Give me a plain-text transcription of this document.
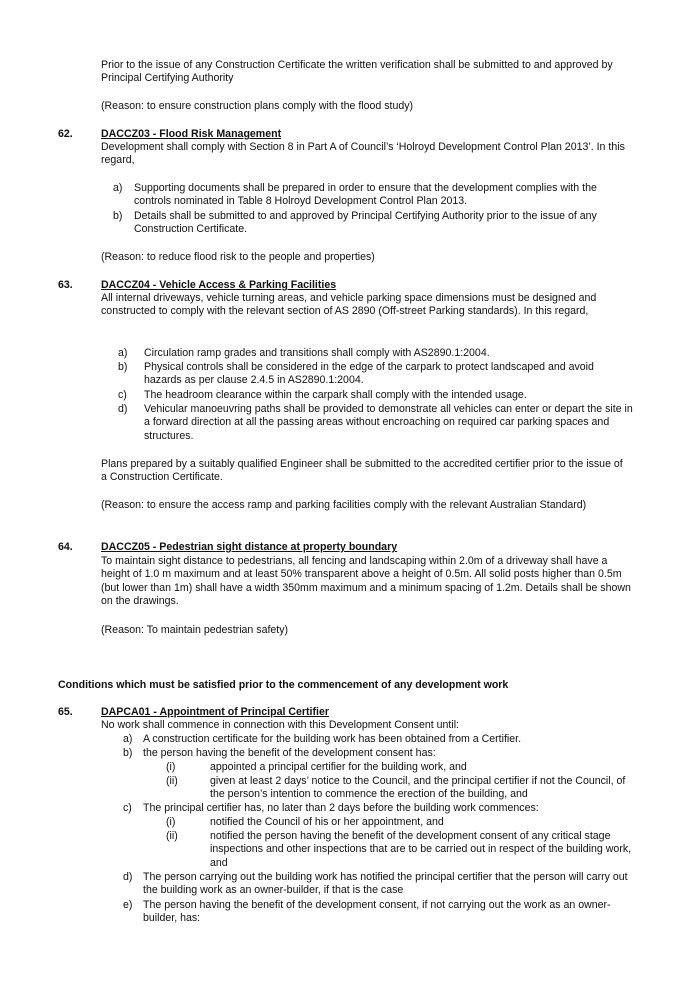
Prior to the issue of any Construction Certificate the written verification shall be submitted to and approved by Principal Certifying Authority

(Reason: to ensure construction plans comply with the flood study)

62.	DACCZ03 - Flood Risk Management

Development shall comply with Section 8 in Part A of Council’s ‘Holroyd Development Control Plan 2013’. In this regard,

a) Supporting documents shall be prepared in order to ensure that the development complies with the controls nominated in Table 8 Holroyd Development Control Plan 2013.

b) Details shall be submitted to and approved by Principal Certifying Authority prior to the issue of any Construction Certificate.

(Reason: to reduce flood risk to the people and properties)

63.	DACCZ04 - Vehicle Access & Parking Facilities

All internal driveways, vehicle turning areas, and vehicle parking space dimensions must be designed and constructed to comply with the relevant section of AS 2890 (Off-street Parking standards). In this regard,

a) Circulation ramp grades and transitions shall comply with AS2890.1:2004.

b) Physical controls shall be considered in the edge of the carpark to protect landscaped and avoid hazards as per clause 2.4.5 in AS2890.1:2004.

c) The headroom clearance within the carpark shall comply with the intended usage.

d) Vehicular manoeuvring paths shall be provided to demonstrate all vehicles can enter or depart the site in a forward direction at all the passing areas without encroaching on required car parking spaces and structures.

Plans prepared by a suitably qualified Engineer shall be submitted to the accredited certifier prior to the issue of a Construction Certificate.

(Reason: to ensure the access ramp and parking facilities comply with the relevant Australian Standard)

64.	DACCZ05 - Pedestrian sight distance at property boundary

To maintain sight distance to pedestrians, all fencing and landscaping within 2.0m of a driveway shall have a height of 1.0 m maximum and at least 50% transparent above a height of 0.5m. All solid posts higher than 0.5m (but lower than 1m) shall have a width 350mm maximum and a minimum spacing of 1.2m. Details shall be shown on the drawings.

(Reason: To maintain pedestrian safety)

Conditions which must be satisfied prior to the commencement of any development work

65.	DAPCA01 - Appointment of Principal Certifier

No work shall commence in connection with this Development Consent until:

a) A construction certificate for the building work has been obtained from a Certifier.

b) the person having the benefit of the development consent has:

(i)	appointed a principal certifier for the building work, and

(ii)	given at least 2 days’ notice to the Council, and the principal certifier if not the Council, of the person’s intention to commence the erection of the building, and

c) The principal certifier has, no later than 2 days before the building work commences:

(i)	notified the Council of his or her appointment, and

(ii)	notified the person having the benefit of the development consent of any critical stage inspections and other inspections that are to be carried out in respect of the building work, and

d) The person carrying out the building work has notified the principal certifier that the person will carry out the building work as an owner-builder, if that is the case

e) The person having the benefit of the development consent, if not carrying out the work as an owner-builder, has:
